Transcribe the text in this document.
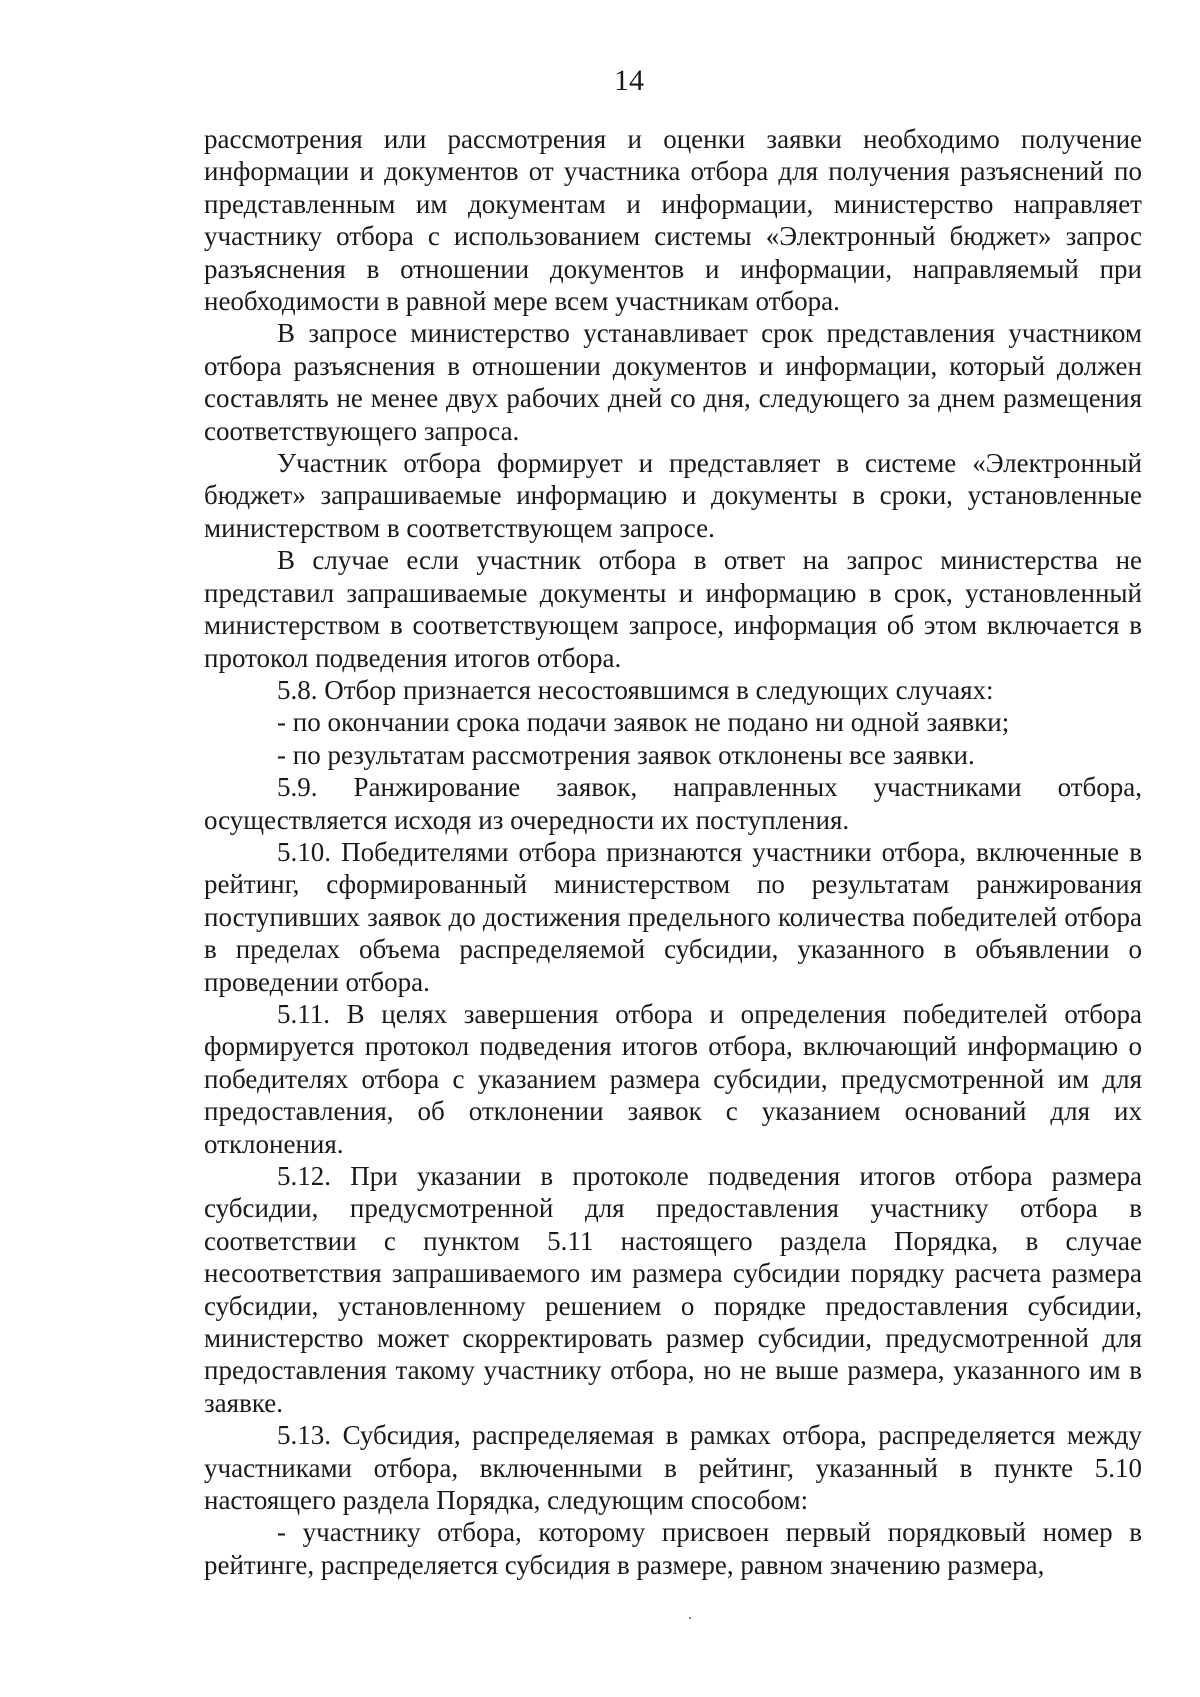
14

рассмотрения или рассмотрения и оценки заявки необходимо получение информации и документов от участника отбора для получения разъяснений по представленным им документам и информации, министерство направляет участнику отбора с использованием системы «Электронный бюджет» запрос разъяснения в отношении документов и информации, направляемый при необходимости в равной мере всем участникам отбора.

В запросе министерство устанавливает срок представления участником отбора разъяснения в отношении документов и информации, который должен составлять не менее двух рабочих дней со дня, следующего за днем размещения соответствующего запроса.

Участник отбора формирует и представляет в системе «Электронный бюджет» запрашиваемые информацию и документы в сроки, установленные министерством в соответствующем запросе.

В случае если участник отбора в ответ на запрос министерства не представил запрашиваемые документы и информацию в срок, установленный министерством в соответствующем запросе, информация об этом включается в протокол подведения итогов отбора.

5.8. Отбор признается несостоявшимся в следующих случаях:

- по окончании срока подачи заявок не подано ни одной заявки;

- по результатам рассмотрения заявок отклонены все заявки.

5.9. Ранжирование заявок, направленных участниками отбора, осуществляется исходя из очередности их поступления.

5.10. Победителями отбора признаются участники отбора, включенные в рейтинг, сформированный министерством по результатам ранжирования поступивших заявок до достижения предельного количества победителей отбора в пределах объема распределяемой субсидии, указанного в объявлении о проведении отбора.

5.11. В целях завершения отбора и определения победителей отбора формируется протокол подведения итогов отбора, включающий информацию о победителях отбора с указанием размера субсидии, предусмотренной им для предоставления, об отклонении заявок с указанием оснований для их отклонения.

5.12. При указании в протоколе подведения итогов отбора размера субсидии, предусмотренной для предоставления участнику отбора в соответствии с пунктом 5.11 настоящего раздела Порядка, в случае несоответствия запрашиваемого им размера субсидии порядку расчета размера субсидии, установленному решением о порядке предоставления субсидии, министерство может скорректировать размер субсидии, предусмотренной для предоставления такому участнику отбора, но не выше размера, указанного им в заявке.

5.13. Субсидия, распределяемая в рамках отбора, распределяется между участниками отбора, включенными в рейтинг, указанный в пункте 5.10 настоящего раздела Порядка, следующим способом:

- участнику отбора, которому присвоен первый порядковый номер в рейтинге, распределяется субсидия в размере, равном значению размера,
